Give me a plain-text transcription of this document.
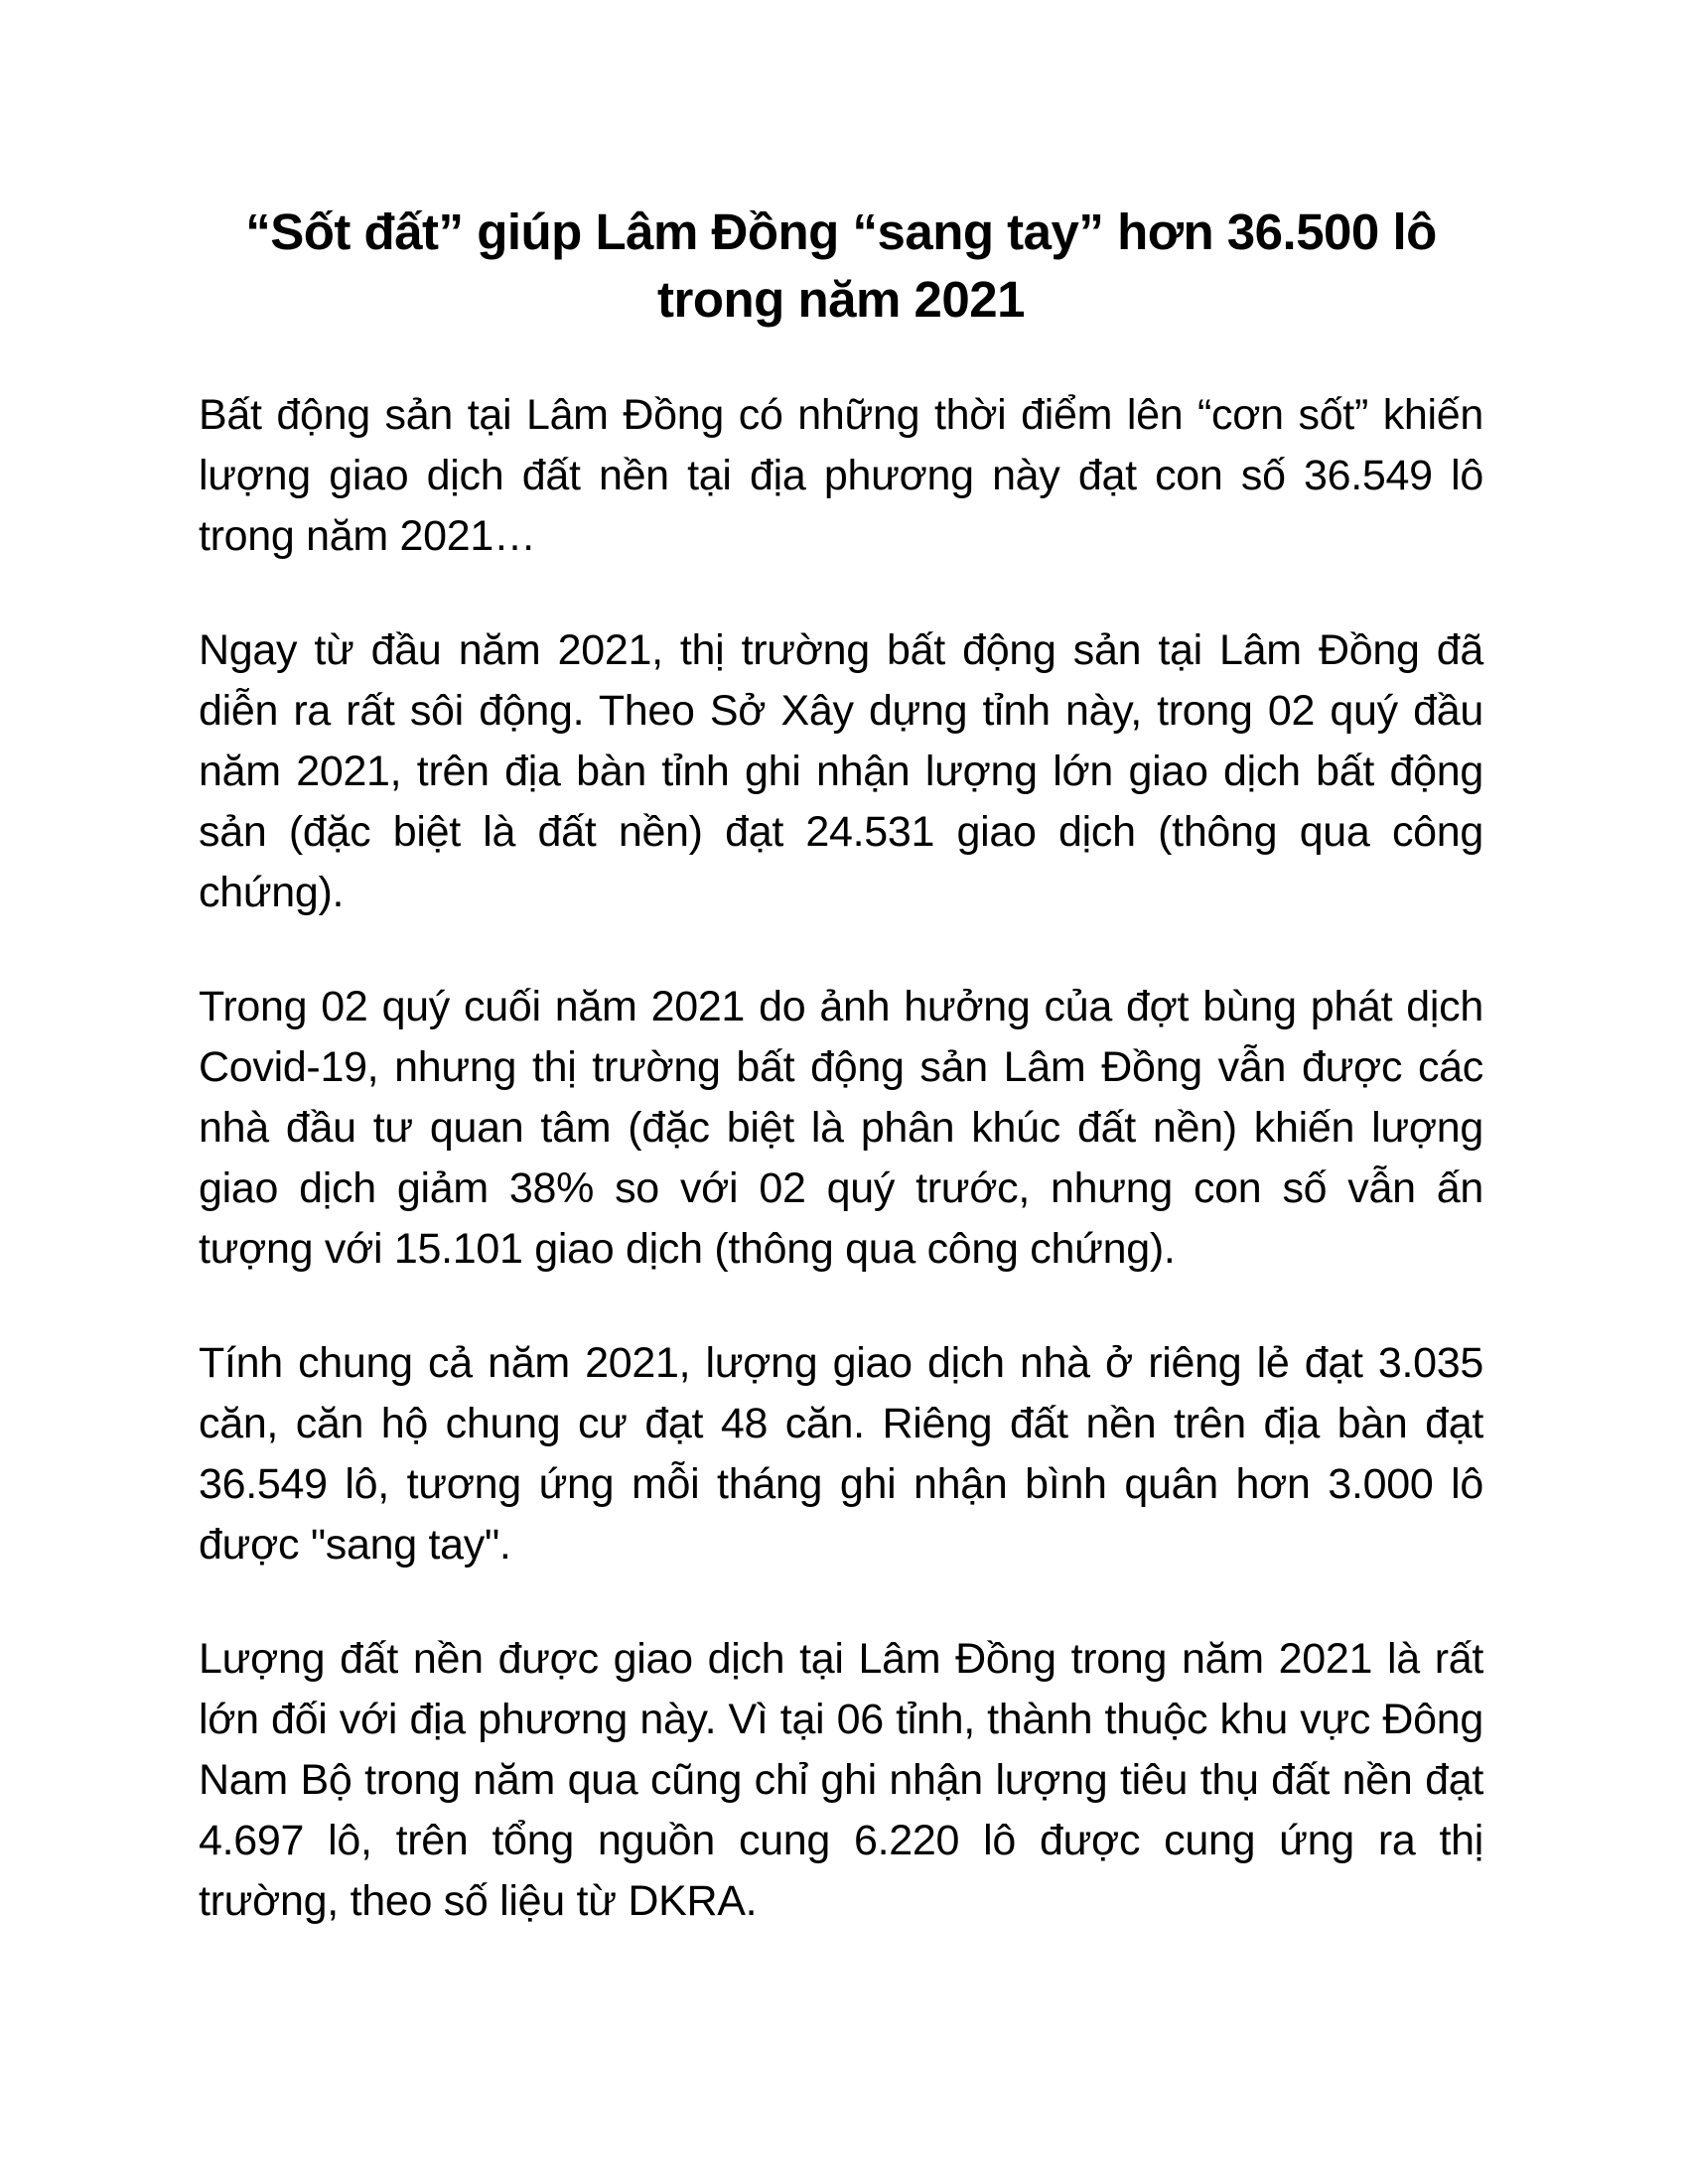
“Sốt đất” giúp Lâm Đồng “sang tay” hơn 36.500 lô trong năm 2021

Bất động sản tại Lâm Đồng có những thời điểm lên “cơn sốt” khiến lượng giao dịch đất nền tại địa phương này đạt con số 36.549 lô trong năm 2021…

Ngay từ đầu năm 2021, thị trường bất động sản tại Lâm Đồng đã diễn ra rất sôi động. Theo Sở Xây dựng tỉnh này, trong 02 quý đầu năm 2021, trên địa bàn tỉnh ghi nhận lượng lớn giao dịch bất động sản (đặc biệt là đất nền) đạt 24.531 giao dịch (thông qua công chứng).

Trong 02 quý cuối năm 2021 do ảnh hưởng của đợt bùng phát dịch Covid-19, nhưng thị trường bất động sản Lâm Đồng vẫn được các nhà đầu tư quan tâm (đặc biệt là phân khúc đất nền) khiến lượng giao dịch giảm 38% so với 02 quý trước, nhưng con số vẫn ấn tượng với 15.101 giao dịch (thông qua công chứng).

Tính chung cả năm 2021, lượng giao dịch nhà ở riêng lẻ đạt 3.035 căn, căn hộ chung cư đạt 48 căn. Riêng đất nền trên địa bàn đạt 36.549 lô, tương ứng mỗi tháng ghi nhận bình quân hơn 3.000 lô được "sang tay".

Lượng đất nền được giao dịch tại Lâm Đồng trong năm 2021 là rất lớn đối với địa phương này. Vì tại 06 tỉnh, thành thuộc khu vực Đông Nam Bộ trong năm qua cũng chỉ ghi nhận lượng tiêu thụ đất nền đạt 4.697 lô, trên tổng nguồn cung 6.220 lô được cung ứng ra thị trường, theo số liệu từ DKRA.
